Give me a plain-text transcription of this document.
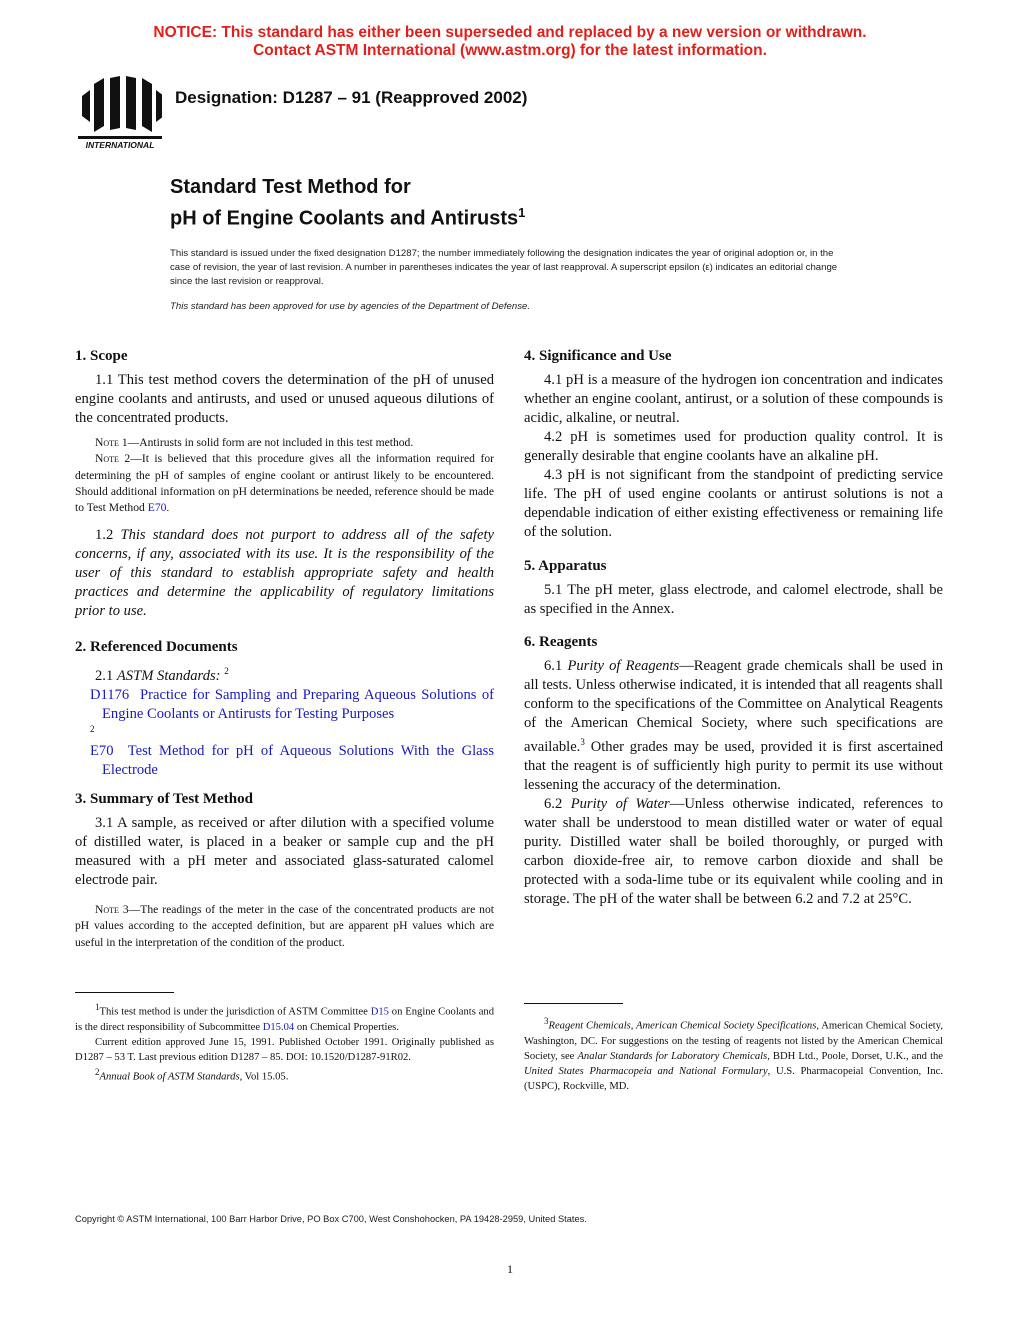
NOTICE: This standard has either been superseded and replaced by a new version or withdrawn.
Contact ASTM International (www.astm.org) for the latest information.
INTERNATIONAL
Designation: D1287 – 91 (Reapproved 2002)
Standard Test Method for
pH of Engine Coolants and Antirusts$^1$
This standard is issued under the fixed designation D1287; the number immediately following the designation indicates the year of original adoption or, in the case of revision, the year of last revision. A number in parentheses indicates the year of last reapproval. A superscript epsilon (ε) indicates an editorial change since the last revision or reapproval.
This standard has been approved for use by agencies of the Department of Defense.
1. Scope

1.1 This test method covers the determination of the pH of unused engine coolants and antirusts, and used or unused aqueous dilutions of the concentrated products.

Note 1—Antirusts in solid form are not included in this test method.

Note 2—It is believed that this procedure gives all the information required for determining the pH of samples of engine coolant or antirust likely to be encountered. Should additional information on pH determinations be needed, reference should be made to Test Method E70.

1.2 This standard does not purport to address all of the safety concerns, if any, associated with its use. It is the responsibility of the user of this standard to establish appropriate safety and health practices and determine the applicability of regulatory limitations prior to use.

2. Referenced Documents

2.1 ASTM Standards: $^2$

D1176 Practice for Sampling and Preparing Aqueous Solutions of Engine Coolants or Antirusts for Testing Purposes

2

E70 Test Method for pH of Aqueous Solutions With the Glass Electrode

3. Summary of Test Method

3.1 A sample, as received or after dilution with a specified volume of distilled water, is placed in a beaker or sample cup and the pH measured with a pH meter and associated glass-saturated calomel electrode pair.

Note 3—The readings of the meter in the case of the concentrated products are not pH values according to the accepted definition, but are apparent pH values which are useful in the interpretation of the condition of the product.

$^1$This test method is under the jurisdiction of ASTM Committee D15 on Engine Coolants and is the direct responsibility of Subcommittee D15.04 on Chemical Properties.

Current edition approved June 15, 1991. Published October 1991. Originally published as D1287 – 53 T. Last previous edition D1287 – 85. DOI: 10.1520/D1287-91R02.

$^2$Annual Book of ASTM Standards, Vol 15.05.

4. Significance and Use

4.1 pH is a measure of the hydrogen ion concentration and indicates whether an engine coolant, antirust, or a solution of these compounds is acidic, alkaline, or neutral.

4.2 pH is sometimes used for production quality control. It is generally desirable that engine coolants have an alkaline pH.

4.3 pH is not significant from the standpoint of predicting service life. The pH of used engine coolants or antirust solutions is not a dependable indication of either existing effectiveness or remaining life of the solution.

5. Apparatus

5.1 The pH meter, glass electrode, and calomel electrode, shall be as specified in the Annex.

6. Reagents

6.1 Purity of Reagents—Reagent grade chemicals shall be used in all tests. Unless otherwise indicated, it is intended that all reagents shall conform to the specifications of the Committee on Analytical Reagents of the American Chemical Society, where such specifications are available.$^3$ Other grades may be used, provided it is first ascertained that the reagent is of sufficiently high purity to permit its use without lessening the accuracy of the determination.

6.2 Purity of Water—Unless otherwise indicated, references to water shall be understood to mean distilled water or water of equal purity. Distilled water shall be boiled thoroughly, or purged with carbon dioxide-free air, to remove carbon dioxide and shall be protected with a soda-lime tube or its equivalent while cooling and in storage. The pH of the water shall be between 6.2 and 7.2 at 25°C.

$^3$Reagent Chemicals, American Chemical Society Specifications, American Chemical Society, Washington, DC. For suggestions on the testing of reagents not listed by the American Chemical Society, see Analar Standards for Laboratory Chemicals, BDH Ltd., Poole, Dorset, U.K., and the United States Pharmacopeia and National Formulary, U.S. Pharmacopeial Convention, Inc. (USPC), Rockville, MD.

Copyright © ASTM International, 100 Barr Harbor Drive, PO Box C700, West Conshohocken, PA 19428-2959, United States.
1
